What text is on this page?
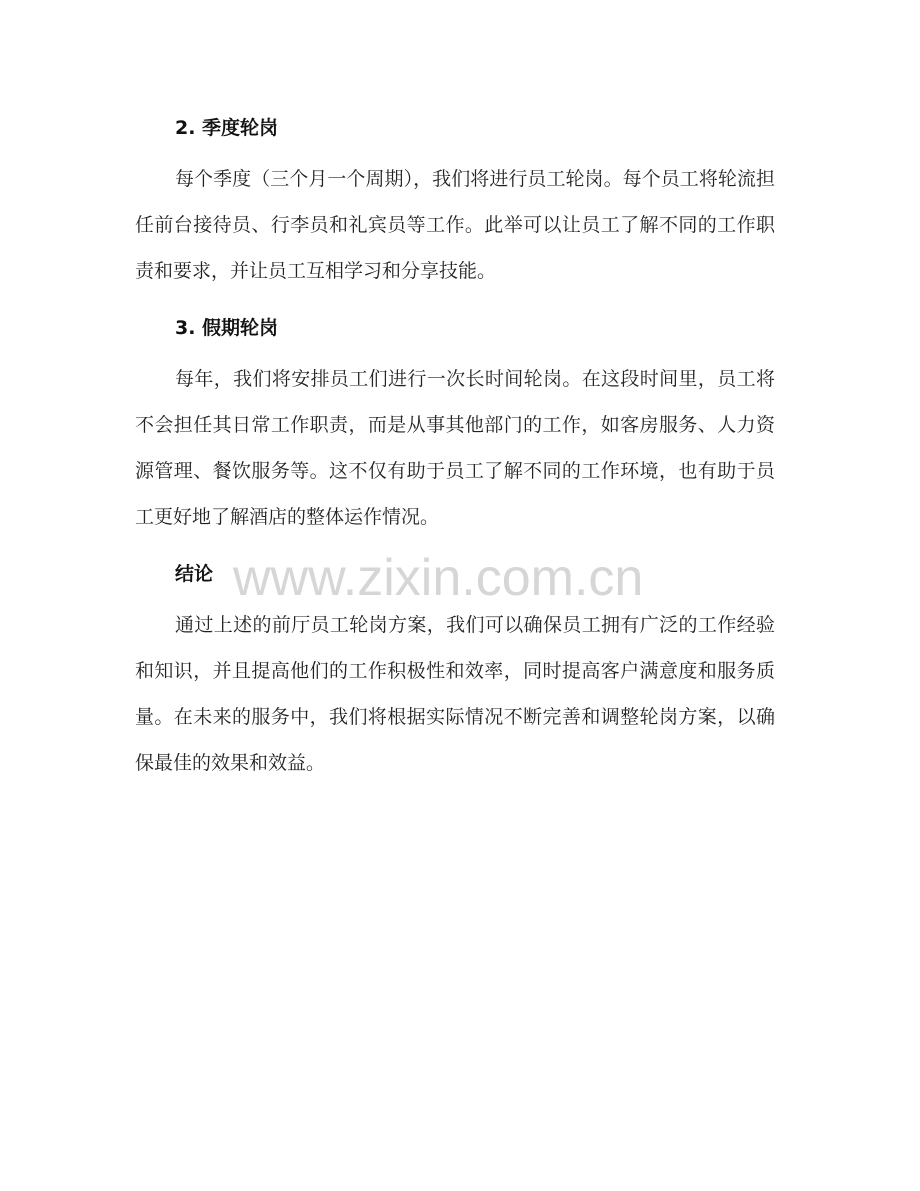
2. 季度轮岗

每个季度（三个月一个周期），我们将进行员工轮岗。每个员工将轮流担任前台接待员、行李员和礼宾员等工作。此举可以让员工了解不同的工作职责和要求，并让员工互相学习和分享技能。

3. 假期轮岗

每年，我们将安排员工们进行一次长时间轮岗。在这段时间里，员工将不会担任其日常工作职责，而是从事其他部门的工作，如客房服务、人力资源管理、餐饮服务等。这不仅有助于员工了解不同的工作环境，也有助于员工更好地了解酒店的整体运作情况。

结论

通过上述的前厅员工轮岗方案，我们可以确保员工拥有广泛的工作经验和知识，并且提高他们的工作积极性和效率，同时提高客户满意度和服务质量。在未来的服务中，我们将根据实际情况不断完善和调整轮岗方案，以确保最佳的效果和效益。

www.zixin.com.cn
